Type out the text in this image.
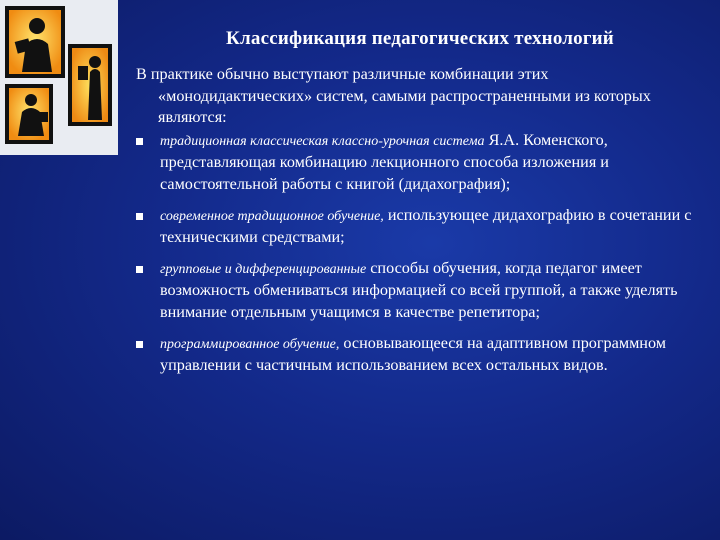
Классификация педагогических технологий

В практике обычно выступают различные комбинации этих «монодидактических» систем, самыми распространенными из которых являются:

традиционная классическая классно-урочная система Я.А. Коменского, представляющая комбинацию лекционного способа изложения и самостоятельной работы с книгой (дидахография);
современное традиционное обучение, использующее дидахографию в сочетании с техническими средствами;
групповые и дифференцированные способы обучения, когда педагог имеет возможность обмениваться информацией со всей группой, а также уделять внимание отдельным учащимся в качестве репетитора;
программированное обучение, основывающееся на адаптивном программном управлении с частичным использованием всех остальных видов.
